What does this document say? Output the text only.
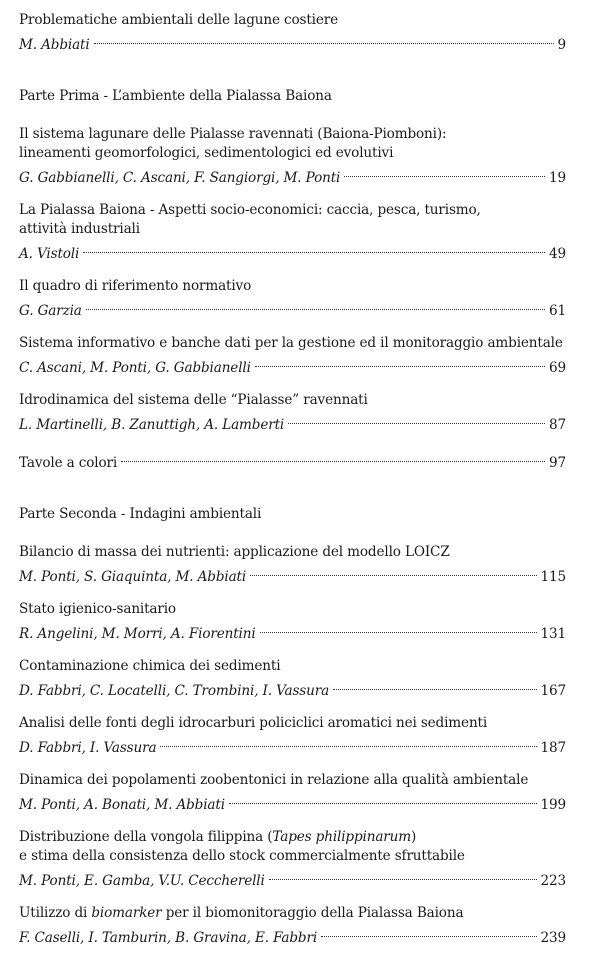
Problematiche ambientali delle lagune costiere
M. Abbiati	9
Parte Prima - L’ambiente della Pialassa Baiona
Il sistema lagunare delle Pialasse ravennati (Baiona-Piomboni):
lineamenti geomorfologici, sedimentologici ed evolutivi
G. Gabbianelli, C. Ascani, F. Sangiorgi, M. Ponti	19
La Pialassa Baiona - Aspetti socio-economici: caccia, pesca, turismo,
attività industriali
A. Vistoli	49
Il quadro di riferimento normativo
G. Garzia	61
Sistema informativo e banche dati per la gestione ed il monitoraggio ambientale
C. Ascani, M. Ponti, G. Gabbianelli	69
Idrodinamica del sistema delle “Pialasse” ravennati
L. Martinelli, B. Zanuttigh, A. Lamberti	87
Tavole a colori	97
Parte Seconda - Indagini ambientali
Bilancio di massa dei nutrienti: applicazione del modello LOICZ
M. Ponti, S. Giaquinta, M. Abbiati	115
Stato igienico-sanitario
R. Angelini, M. Morri, A. Fiorentini	131
Contaminazione chimica dei sedimenti
D. Fabbri, C. Locatelli, C. Trombini, I. Vassura	167
Analisi delle fonti degli idrocarburi policiclici aromatici nei sedimenti
D. Fabbri, I. Vassura	187
Dinamica dei popolamenti zoobentonici in relazione alla qualità ambientale
M. Ponti, A. Bonati, M. Abbiati	199
Distribuzione della vongola filippina (Tapes philippinarum)
e stima della consistenza dello stock commercialmente sfruttabile
M. Ponti, E. Gamba, V.U. Ceccherelli	223
Utilizzo di biomarker per il biomonitoraggio della Pialassa Baiona
F. Caselli, I. Tamburin, B. Gravina, E. Fabbri	239
